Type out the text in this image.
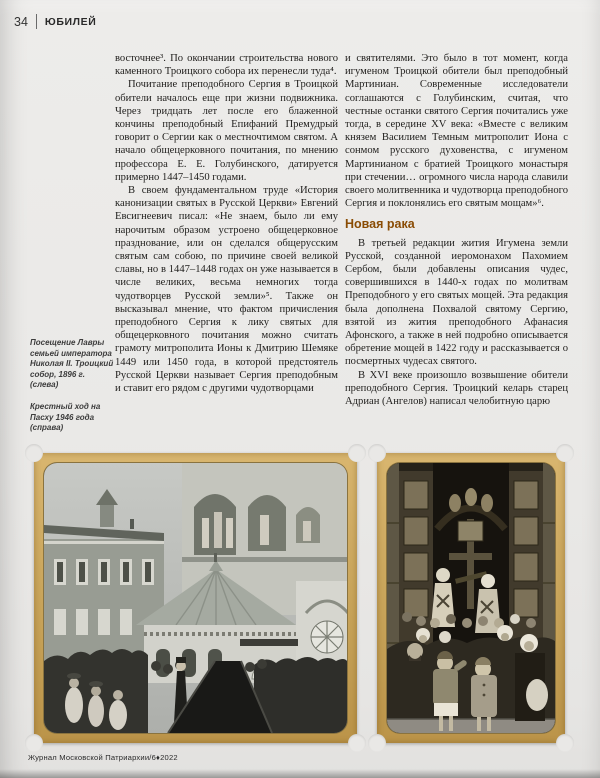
34 ЮБИЛЕЙ

Посещение Лавры семьей императора Николая II. Троицкий собор, 1896 г. (слева)

Крестный ход на Пасху 1946 года (справа)

восточнее³. По окончании строительства нового каменного Троицкого собора их перенесли туда⁴.

Почитание преподобного Сергия в Троицкой обители началось еще при жизни подвижника. Через тридцать лет после его блаженной кончины преподобный Епифаний Премудрый говорит о Сергии как о местночтимом святом. А начало общецерковного почитания, по мнению профессора Е. Е. Голубинского, датируется примерно 1447–1450 годами.

В своем фундаментальном труде «История канонизации святых в Русской Церкви» Евгений Евсигнеевич писал: «Не знаем, было ли ему нарочитым образом устроено общецерковное празднование, или он сделался общерусским святым сам собою, по причине своей великой славы, но в 1447–1448 годах он уже называется в числе великих, весьма немногих тогда чудотворцев Русской земли»⁵. Также он высказывал мнение, что фактом причисления преподобного Сергия к лику святых для общецерковного почитания можно считать грамоту митрополита Ионы к Дмитрию Шемяке 1449 или 1450 года, в которой предстоятель Русской Церкви называет Сергия преподобным и ставит его рядом с другими чудотворцами

и святителями. Это было в тот момент, когда игуменом Троицкой обители был преподобный Мартиниан. Современные исследователи соглашаются с Голубинским, считая, что честные останки святого Сергия почитались уже тогда, в середине XV века: «Вместе с великим князем Василием Темным митрополит Иона с сонмом русского духовенства, с игуменом Мартинианом с братией Троицкого монастыря при стечении… огромного числа народа славили своего молитвенника и чудотворца преподобного Сергия и поклонялись его святым мощам»⁶.

Новая рака

В третьей редакции жития Игумена земли Русской, созданной иеромонахом Пахомием Сербом, были добавлены описания чудес, совершившихся в 1440-х годах по молитвам Преподобного у его святых мощей. Эта редакция была дополнена Похвалой святому Сергию, взятой из жития преподобного Афанасия Афонского, а также в ней подробно описывается обретение мощей в 1422 году и рассказывается о посмертных чудесах святого.

В XVI веке произошло возвышение обители преподобного Сергия. Троицкий келарь старец Адриан (Ангелов) написал челобитную царю

Журнал Московской Патриархии/6♦2022
